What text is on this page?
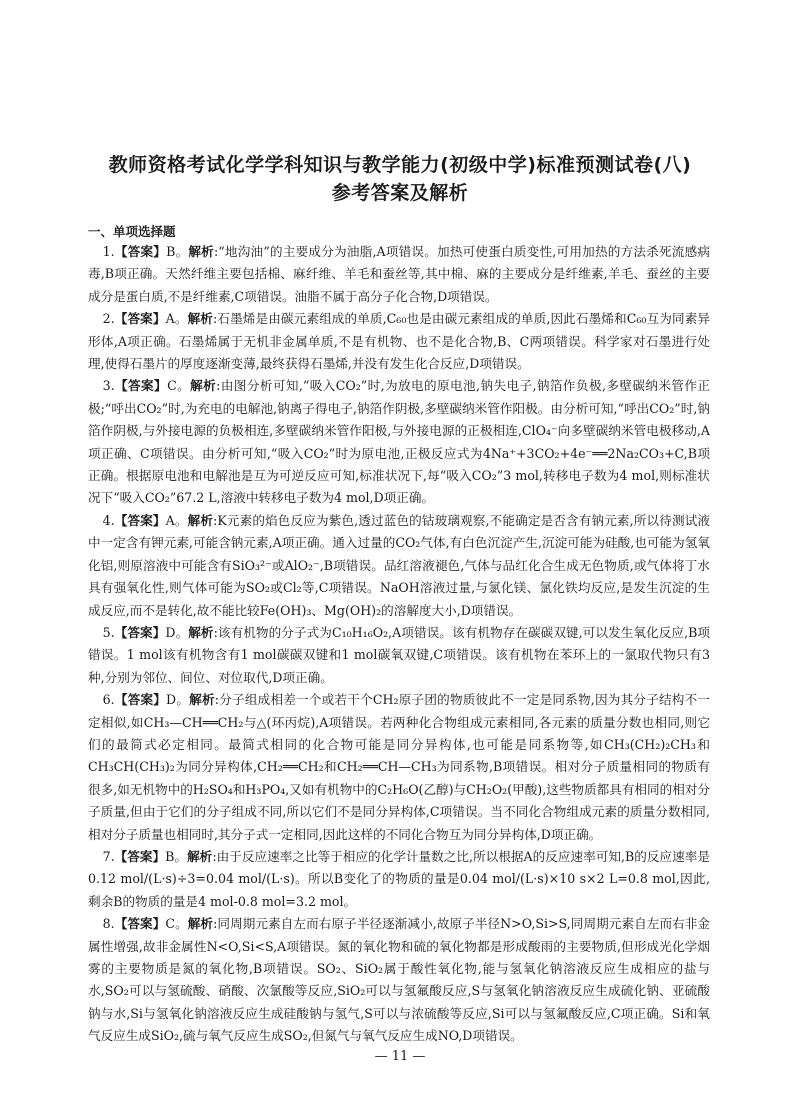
教师资格考试化学学科知识与教学能力(初级中学)标准预测试卷(八)
参考答案及解析
一、单项选择题

 1.【答案】B。解析:“地沟油”的主要成分为油脂,A项错误。加热可使蛋白质变性,可用加热的方法杀死流感病毒,B项正确。天然纤维主要包括棉、麻纤维、羊毛和蚕丝等,其中棉、麻的主要成分是纤维素,羊毛、蚕丝的主要成分是蛋白质,不是纤维素,C项错误。油脂不属于高分子化合物,D项错误。

 2.【答案】A。解析:石墨烯是由碳元素组成的单质,C₆₀也是由碳元素组成的单质,因此石墨烯和C₆₀互为同素异形体,A项正确。石墨烯属于无机非金属单质,不是有机物、也不是化合物,B、C两项错误。科学家对石墨进行处理,使得石墨片的厚度逐渐变薄,最终获得石墨烯,并没有发生化合反应,D项错误。

 3.【答案】C。解析:由图分析可知,“吸入CO₂”时,为放电的原电池,钠失电子,钠箔作负极,多壁碳纳米管作正极;“呼出CO₂”时,为充电的电解池,钠离子得电子,钠箔作阴极,多壁碳纳米管作阳极。由分析可知,“呼出CO₂”时,钠箔作阴极,与外接电源的负极相连,多壁碳纳米管作阳极,与外接电源的正极相连,ClO₄⁻向多壁碳纳米管电极移动,A项正确、C项错误。由分析可知,“吸入CO₂”时为原电池,正极反应式为4Na⁺+3CO₂+4e⁻══2Na₂CO₃+C,B项正确。根据原电池和电解池是互为可逆反应可知,标准状况下,每“吸入CO₂”3 mol,转移电子数为4 mol,则标准状况下“吸入CO₂”67.2 L,溶液中转移电子数为4 mol,D项正确。

 4.【答案】A。解析:K元素的焰色反应为紫色,透过蓝色的钴玻璃观察,不能确定是否含有钠元素,所以待测试液中一定含有钾元素,可能含钠元素,A项正确。通入过量的CO₂气体,有白色沉淀产生,沉淀可能为硅酸,也可能为氢氧化铝,则原溶液中可能含有SiO₃²⁻或AlO₂⁻,B项错误。品红溶液褪色,气体与品红化合生成无色物质,或气体将丁水具有强氧化性,则气体可能为SO₂或Cl₂等,C项错误。NaOH溶液过量,与氯化镁、氯化铁均反应,是发生沉淀的生成反应,而不是转化,故不能比较Fe(OH)₃、Mg(OH)₂的溶解度大小,D项错误。

 5.【答案】D。解析:该有机物的分子式为C₁₀H₁₆O₂,A项错误。该有机物存在碳碳双键,可以发生氧化反应,B项错误。1 mol该有机物含有1 mol碳碳双键和1 mol碳氧双键,C项错误。该有机物在苯环上的一氯取代物只有3种,分别为邻位、间位、对位取代,D项正确。

 6.【答案】D。解析:分子组成相差一个或若干个CH₂原子团的物质彼此不一定是同系物,因为其分子结构不一定相似,如CH₃—CH══CH₂与△(环丙烷),A项错误。若两种化合物组成元素相同,各元素的质量分数也相同,则它们的最简式必定相同。最简式相同的化合物可能是同分异构体,也可能是同系物等,如CH₃(CH₂)₂CH₃和CH₃CH(CH₃)₂为同分异构体,CH₂══CH₂和CH₂══CH—CH₃为同系物,B项错误。相对分子质量相同的物质有很多,如无机物中的H₂SO₄和H₃PO₄,又如有机物中的C₂H₆O(乙醇)与CH₂O₂(甲酸),这些物质都具有相同的相对分子质量,但由于它们的分子组成不同,所以它们不是同分异构体,C项错误。当不同化合物组成元素的质量分数相同,相对分子质量也相同时,其分子式一定相同,因此这样的不同化合物互为同分异构体,D项正确。

 7.【答案】B。解析:由于反应速率之比等于相应的化学计量数之比,所以根据A的反应速率可知,B的反应速率是0.12 mol/(L·s)÷3=0.04 mol/(L·s)。所以B变化了的物质的量是0.04 mol/(L·s)×10 s×2 L=0.8 mol,因此,剩余B的物质的量是4 mol-0.8 mol=3.2 mol。

 8.【答案】C。解析:同周期元素自左而右原子半径逐渐减小,故原子半径N>O,Si>S,同周期元素自左而右非金属性增强,故非金属性N<O,Si<S,A项错误。氮的氧化物和硫的氧化物都是形成酸雨的主要物质,但形成光化学烟雾的主要物质是氮的氧化物,B项错误。SO₂、SiO₂属于酸性氧化物,能与氢氧化钠溶液反应生成相应的盐与水,SO₂可以与氢硫酸、硝酸、次氯酸等反应,SiO₂可以与氢氟酸反应,S与氢氧化钠溶液反应生成硫化钠、亚硫酸钠与水,Si与氢氧化钠溶液反应生成硅酸钠与氢气,S可以与浓硫酸等反应,Si可以与氢氟酸反应,C项正确。Si和氧气反应生成SiO₂,硫与氧气反应生成SO₂,但氮气与氧气反应生成NO,D项错误。

— 11 —
